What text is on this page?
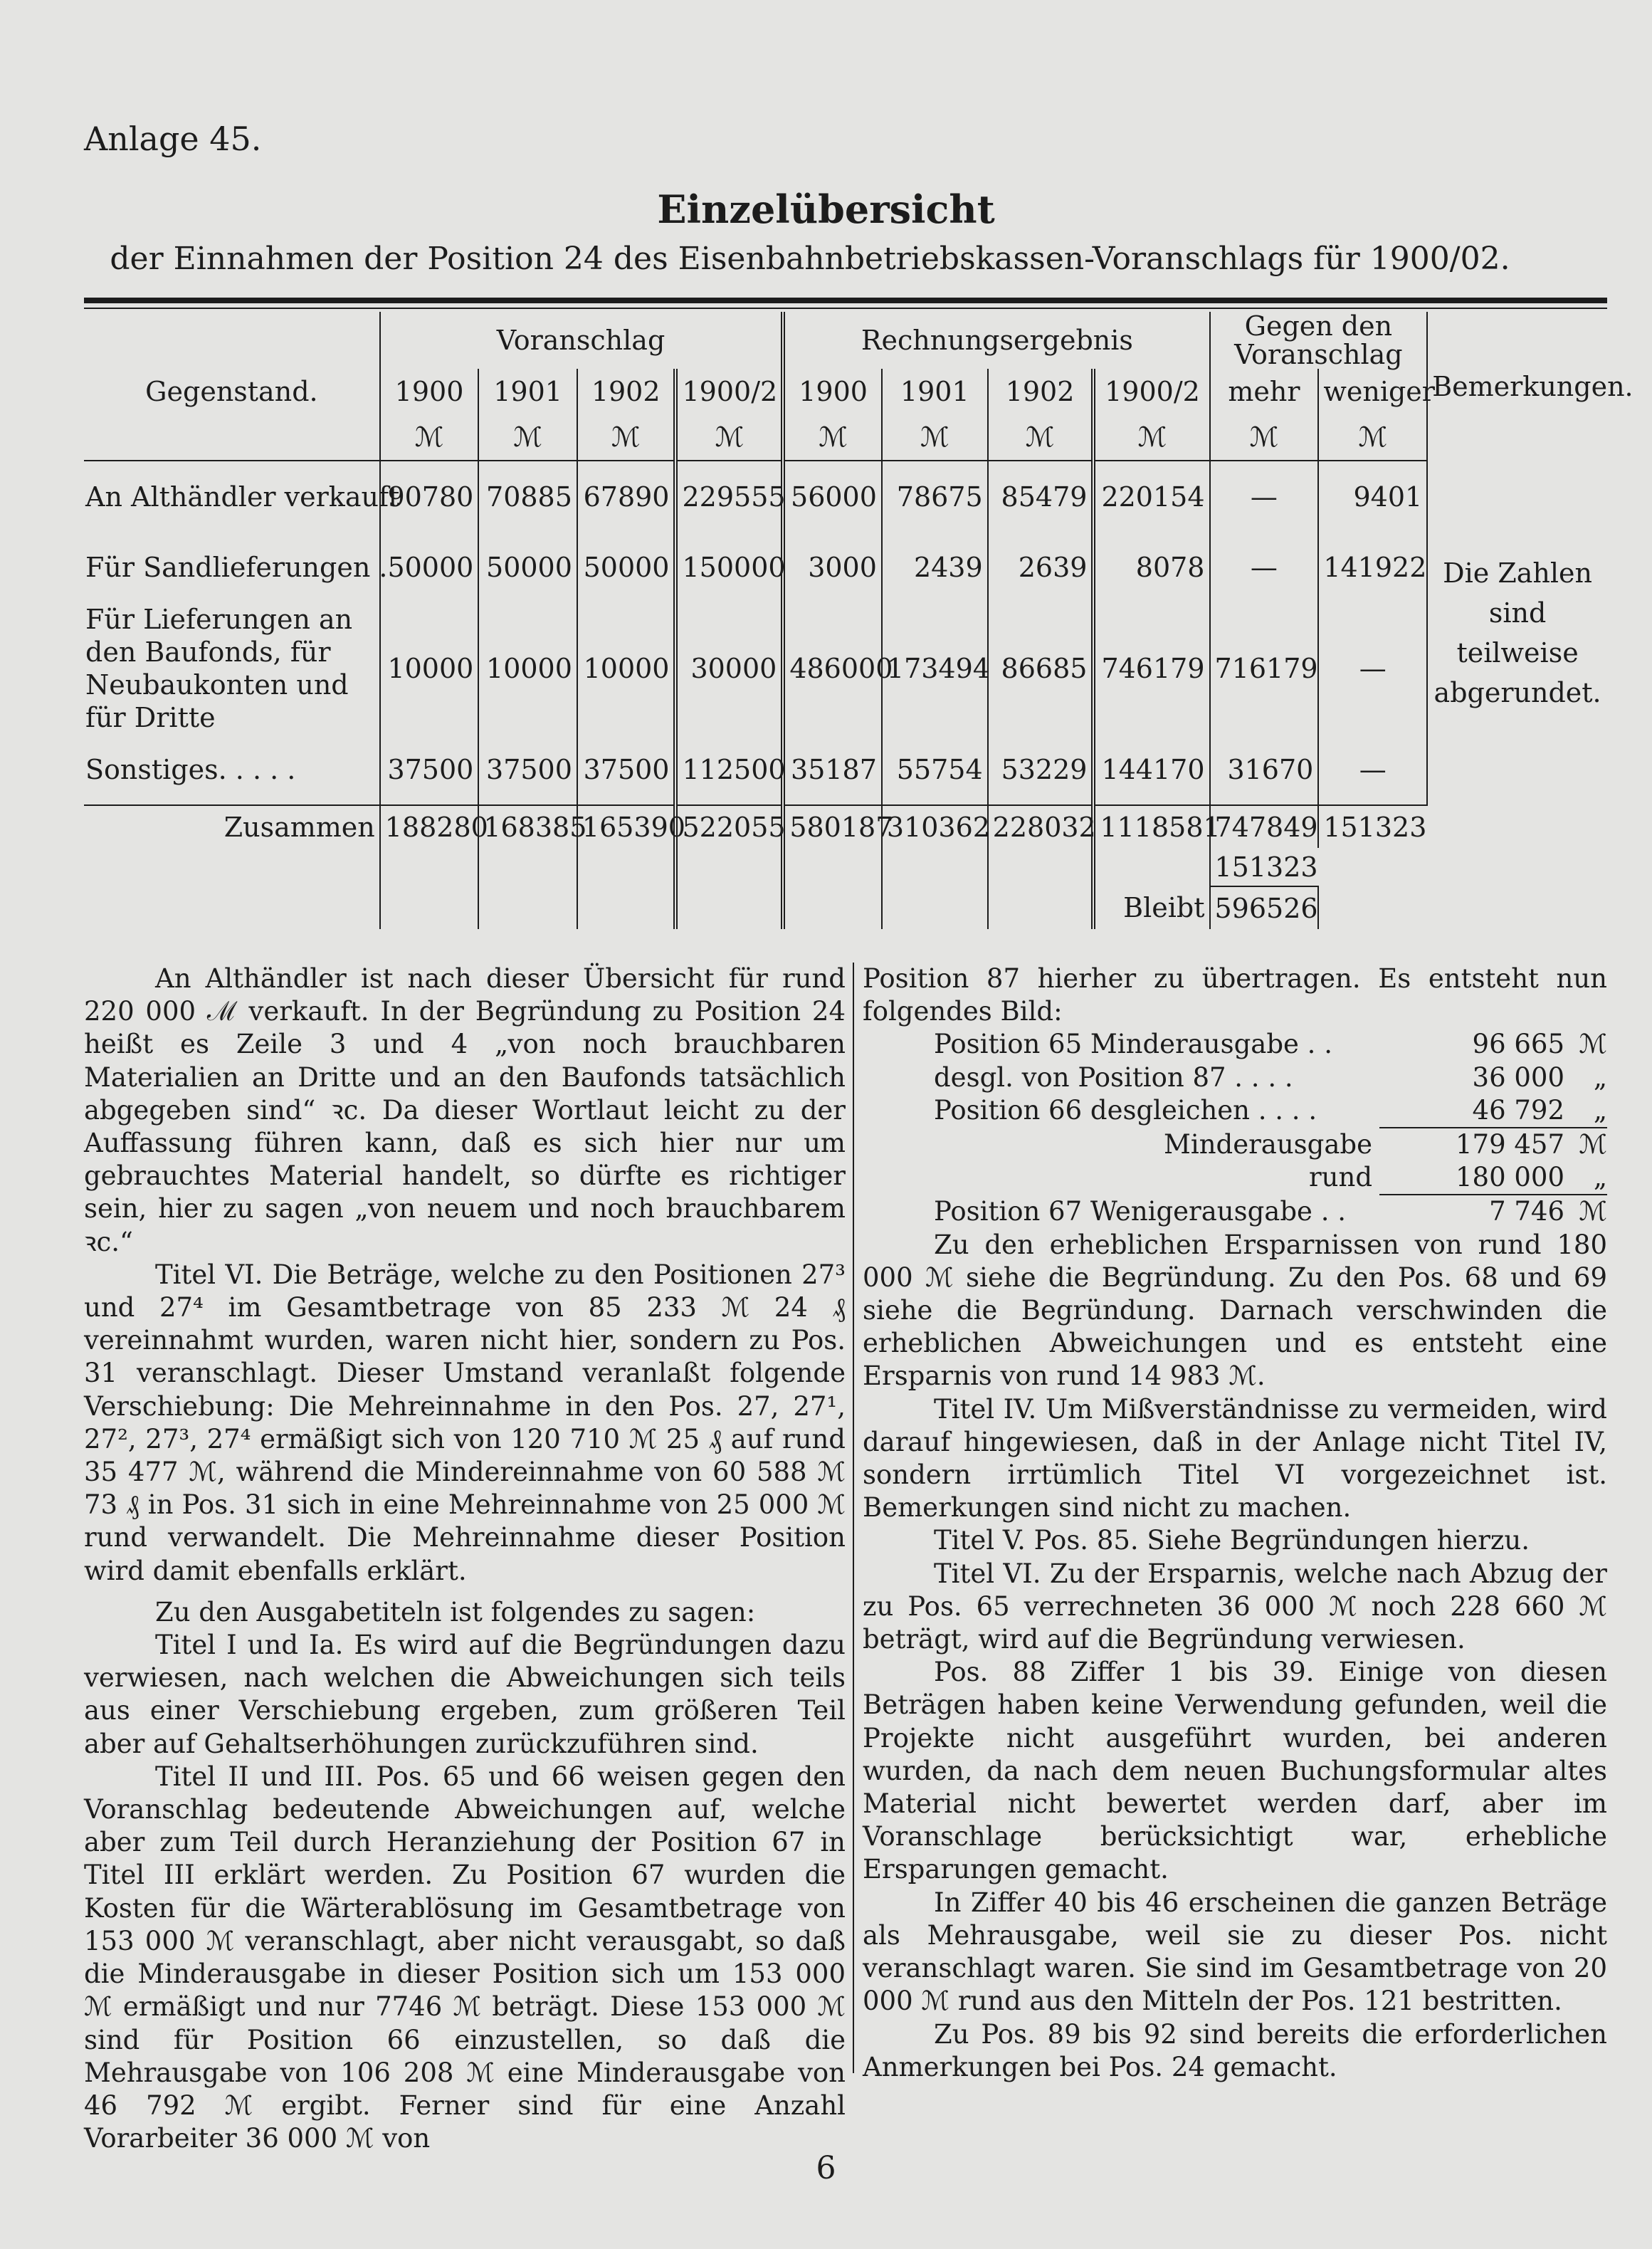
Anlage 45.
Einzelübersicht
der Einnahmen der Position 24 des Eisenbahnbetriebskassen-Voranschlags für 1900/02.
Gegenstand.	Voranschlag				Rechnungsergebnis				Gegen den Voranschlag		Bemerkungen.
	1900	1901	1902	1900/2	1900	1901	1902	1900/2	mehr	weniger	
	ℳ	ℳ	ℳ	ℳ	ℳ	ℳ	ℳ	ℳ	ℳ	ℳ	
An Althändler verkauft	90780	70885	67890	229555	56000	78675	85479	220154	—	9401	Die Zahlen sind teilweise abgerundet.
Für Sandlieferungen .	50000	50000	50000	150000	3000	2439	2639	8078	—	141922	
Für Lieferungen an den Baufonds, für Neubaukonten und für Dritte	10000	10000	10000	30000	486000	173494	86685	746179	716179	—	
Sonstiges. . . . .	37500	37500	37500	112500	35187	55754	53229	144170	31670	—	
Zusammen	188280	168385	165390	522055	580187	310362	228032	1118581	747849	151323	
									151323		
								Bleibt	596526		

An Althändler ist nach dieser Übersicht für rund 220 000 ℳ verkauft. In der Begründung zu Position 24 heißt es Zeile 3 und 4 „von noch brauchbaren Materialien an Dritte und an den Baufonds tatsächlich abgegeben sind“ ꝛc. Da dieser Wortlaut leicht zu der Auffassung führen kann, daß es sich hier nur um gebrauchtes Material handelt, so dürfte es richtiger sein, hier zu sagen „von neuem und noch brauchbarem ꝛc.“

Titel VI. Die Beträge, welche zu den Positionen 27³ und 27⁴ im Gesamtbetrage von 85 233 ℳ 24 ₰ vereinnahmt wurden, waren nicht hier, sondern zu Pos. 31 veranschlagt. Dieser Umstand veranlaßt folgende Verschiebung: Die Mehreinnahme in den Pos. 27, 27¹, 27², 27³, 27⁴ ermäßigt sich von 120 710 ℳ 25 ₰ auf rund 35 477 ℳ, während die Mindereinnahme von 60 588 ℳ 73 ₰ in Pos. 31 sich in eine Mehreinnahme von 25 000 ℳ rund verwandelt. Die Mehreinnahme dieser Position wird damit ebenfalls erklärt.

Zu den Ausgabetiteln ist folgendes zu sagen:

Titel I und Ia. Es wird auf die Begründungen dazu verwiesen, nach welchen die Abweichungen sich teils aus einer Verschiebung ergeben, zum größeren Teil aber auf Gehaltserhöhungen zurückzuführen sind.

Titel II und III. Pos. 65 und 66 weisen gegen den Voranschlag bedeutende Abweichungen auf, welche aber zum Teil durch Heranziehung der Position 67 in Titel III erklärt werden. Zu Position 67 wurden die Kosten für die Wärterablösung im Gesamtbetrage von 153 000 ℳ veranschlagt, aber nicht verausgabt, so daß die Minderausgabe in dieser Position sich um 153 000 ℳ ermäßigt und nur 7746 ℳ beträgt. Diese 153 000 ℳ sind für Position 66 einzustellen, so daß die Mehrausgabe von 106 208 ℳ eine Minderausgabe von 46 792 ℳ ergibt. Ferner sind für eine Anzahl Vorarbeiter 36 000 ℳ von

Position 87 hierher zu übertragen. Es entsteht nun folgendes Bild:

Position 65 Minderausgabe . .	96 665 ℳ
desgl. von Position 87 . . . .	36 000	„
Position 66 desgleichen . . . .	46 792	„
Minderausgabe	179 457 ℳ
rund	180 000	„
Position 67 Wenigerausgabe . .	7 746 ℳ

Zu den erheblichen Ersparnissen von rund 180 000 ℳ siehe die Begründung. Zu den Pos. 68 und 69 siehe die Begründung. Darnach verschwinden die erheblichen Abweichungen und es entsteht eine Ersparnis von rund 14 983 ℳ.

Titel IV. Um Mißverständnisse zu vermeiden, wird darauf hingewiesen, daß in der Anlage nicht Titel IV, sondern irrtümlich Titel VI vorgezeichnet ist. Bemerkungen sind nicht zu machen.

Titel V. Pos. 85. Siehe Begründungen hierzu.

Titel VI. Zu der Ersparnis, welche nach Abzug der zu Pos. 65 verrechneten 36 000 ℳ noch 228 660 ℳ beträgt, wird auf die Begründung verwiesen.

Pos. 88 Ziffer 1 bis 39. Einige von diesen Beträgen haben keine Verwendung gefunden, weil die Projekte nicht ausgeführt wurden, bei anderen wurden, da nach dem neuen Buchungsformular altes Material nicht bewertet werden darf, aber im Voranschlage berücksichtigt war, erhebliche Ersparungen gemacht.

In Ziffer 40 bis 46 erscheinen die ganzen Beträge als Mehrausgabe, weil sie zu dieser Pos. nicht veranschlagt waren. Sie sind im Gesamtbetrage von 20 000 ℳ rund aus den Mitteln der Pos. 121 bestritten.

Zu Pos. 89 bis 92 sind bereits die erforderlichen Anmerkungen bei Pos. 24 gemacht.

6
